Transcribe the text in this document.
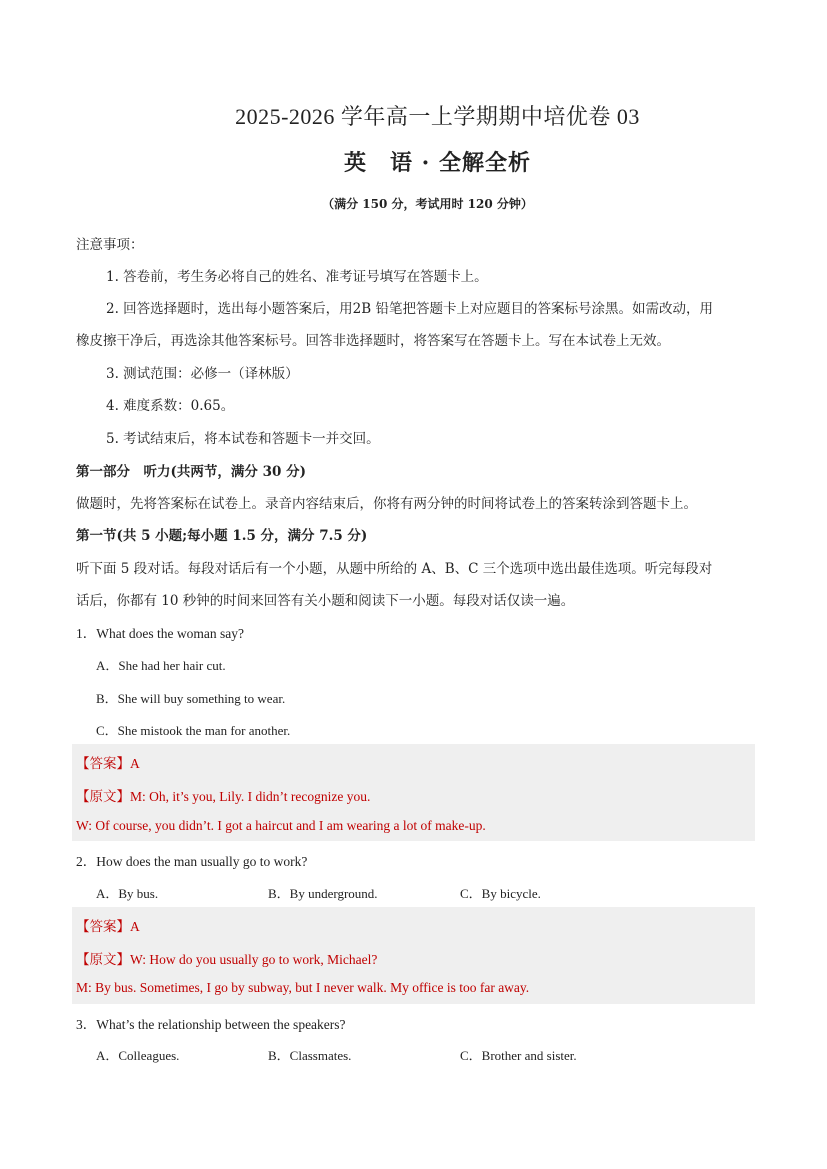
2025-2026 学年高一上学期期中培优卷 03
英　语 · 全解全析
（满分 150 分，考试用时 120 分钟）
注意事项：
1. 答卷前，考生务必将自己的姓名、准考证号填写在答题卡上。
2. 回答选择题时，选出每小题答案后，用2B 铅笔把答题卡上对应题目的答案标号涂黑。如需改动，用
橡皮擦干净后，再选涂其他答案标号。回答非选择题时，将答案写在答题卡上。写在本试卷上无效。
3. 测试范围：必修一（译林版）
4. 难度系数：0.65。
5. 考试结束后，将本试卷和答题卡一并交回。
第一部分　听力(共两节，满分 30 分)
做题时，先将答案标在试卷上。录音内容结束后，你将有两分钟的时间将试卷上的答案转涂到答题卡上。
第一节(共 5 小题;每小题 1.5 分，满分 7.5 分)
听下面 5 段对话。每段对话后有一个小题，从题中所给的 A、B、C 三个选项中选出最佳选项。听完每段对
话后，你都有 10 秒钟的时间来回答有关小题和阅读下一小题。每段对话仅读一遍。
1．What does the woman say?
A．She had her hair cut.
B．She will buy something to wear.
C．She mistook the man for another.
【答案】A
【原文】M: Oh, it’s you, Lily. I didn’t recognize you.
W: Of course, you didn’t. I got a haircut and I am wearing a lot of make-up.
2．How does the man usually go to work?
A．By bus.	B．By underground.	C．By bicycle.
【答案】A
【原文】W: How do you usually go to work, Michael?
M: By bus. Sometimes, I go by subway, but I never walk. My office is too far away.
3．What’s the relationship between the speakers?
A．Colleagues.	B．Classmates.	C．Brother and sister.
